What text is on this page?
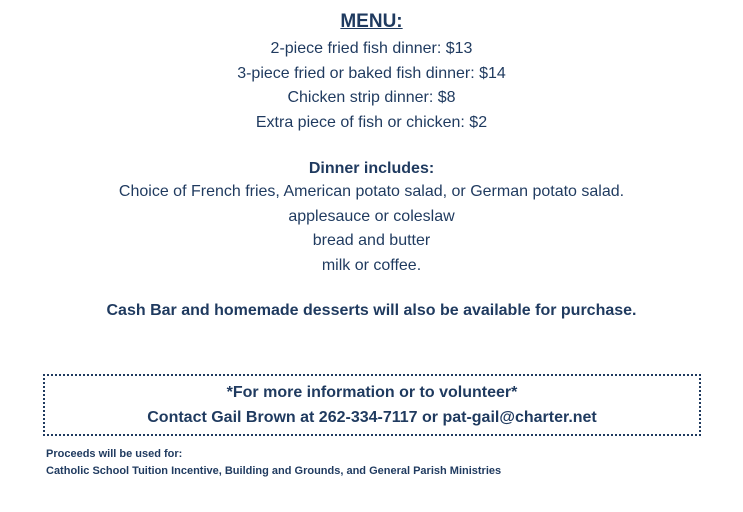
MENU:
2-piece fried fish dinner: $13
3-piece fried or baked fish dinner: $14
Chicken strip dinner: $8
Extra piece of fish or chicken: $2
Dinner includes:
Choice of French fries, American potato salad, or German potato salad.
applesauce or coleslaw
bread and butter
milk or coffee.
Cash Bar and homemade desserts will also be available for purchase.
*For more information or to volunteer*
Contact Gail Brown at 262-334-7117 or pat-gail@charter.net
Proceeds will be used for:
Catholic School Tuition Incentive, Building and Grounds, and General Parish Ministries
